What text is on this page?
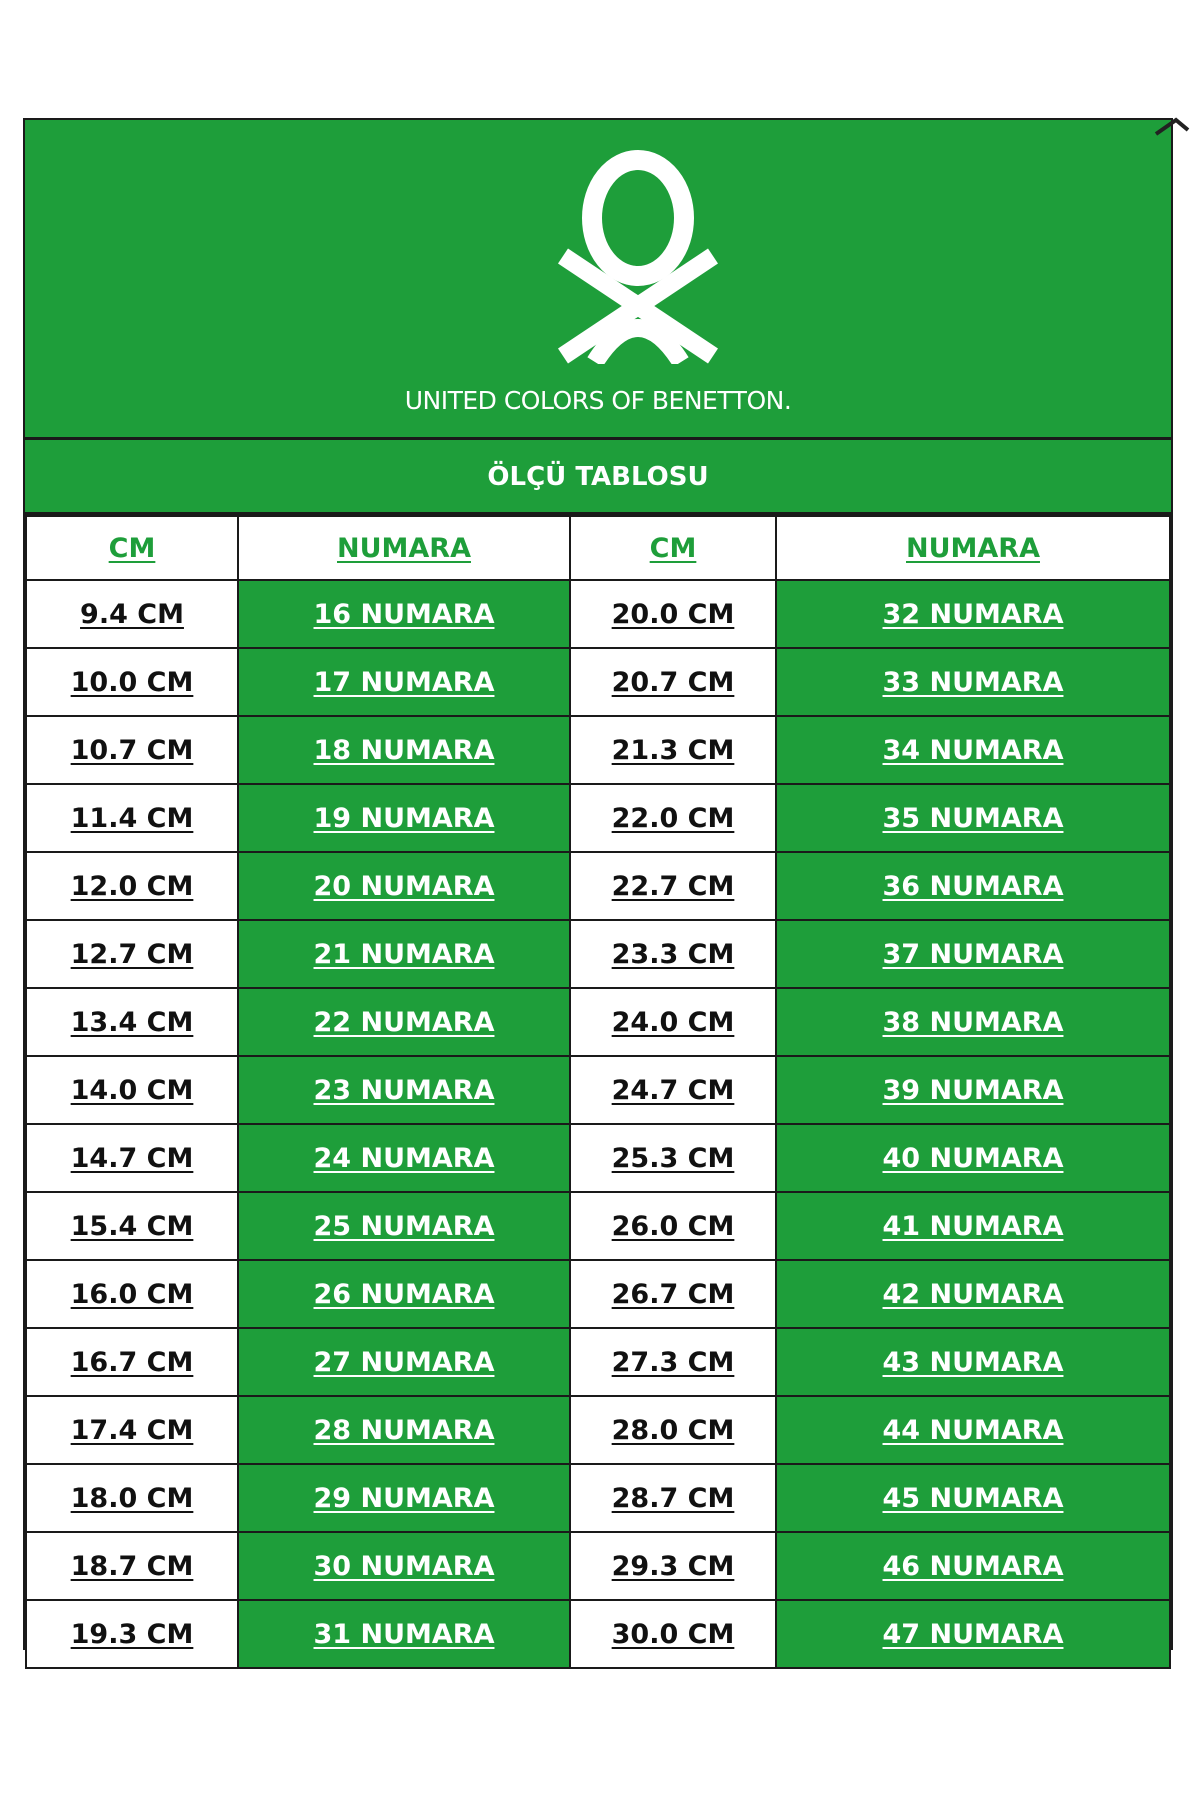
UNITED COLORS OF BENETTON.
ÖLÇÜ TABLOSU
CM	NUMARA	CM	NUMARA
9.4 CM	16 NUMARA	20.0 CM	32 NUMARA
10.0 CM	17 NUMARA	20.7 CM	33 NUMARA
10.7 CM	18 NUMARA	21.3 CM	34 NUMARA
11.4 CM	19 NUMARA	22.0 CM	35 NUMARA
12.0 CM	20 NUMARA	22.7 CM	36 NUMARA
12.7 CM	21 NUMARA	23.3 CM	37 NUMARA
13.4 CM	22 NUMARA	24.0 CM	38 NUMARA
14.0 CM	23 NUMARA	24.7 CM	39 NUMARA
14.7 CM	24 NUMARA	25.3 CM	40 NUMARA
15.4 CM	25 NUMARA	26.0 CM	41 NUMARA
16.0 CM	26 NUMARA	26.7 CM	42 NUMARA
16.7 CM	27 NUMARA	27.3 CM	43 NUMARA
17.4 CM	28 NUMARA	28.0 CM	44 NUMARA
18.0 CM	29 NUMARA	28.7 CM	45 NUMARA
18.7 CM	30 NUMARA	29.3 CM	46 NUMARA
19.3 CM	31 NUMARA	30.0 CM	47 NUMARA
